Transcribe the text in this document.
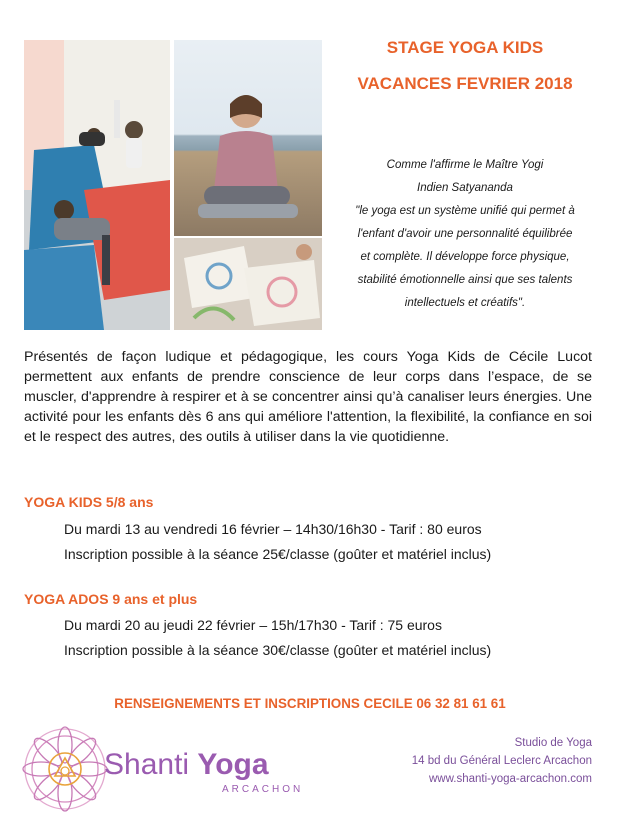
STAGE YOGA KIDS
VACANCES FEVRIER 2018
Comme l'affirme le Maître Yogi
Indien Satyananda
"le yoga est un système unifié qui permet à
l'enfant d'avoir une personnalité équilibrée
et complète. Il développe force physique,
stabilité émotionnelle ainsi que ses talents
intellectuels et créatifs".

Présentés de façon ludique et pédagogique, les cours Yoga Kids de Cécile Lucot permettent aux enfants de prendre conscience de leur corps dans l’espace, de se muscler, d'apprendre à respirer et à se concentrer ainsi qu’à canaliser leurs énergies. Une activité pour les enfants dès 6 ans qui améliore l'attention, la flexibilité, la confiance en soi et le respect des autres, des outils à utiliser dans la vie quotidienne.

YOGA KIDS 5/8 ans
Du mardi 13 au vendredi 16 février – 14h30/16h30 - Tarif : 80 euros
Inscription possible à la séance 25€/classe (goûter et matériel inclus)
YOGA ADOS 9 ans et plus
Du mardi 20 au jeudi 22 février – 15h/17h30 - Tarif : 75 euros
Inscription possible à la séance 30€/classe (goûter et matériel inclus)
RENSEIGNEMENTS ET INSCRIPTIONS CECILE 06 32 81 61 61
Shanti Yoga
ARCACHON
Studio de Yoga
14 bd du Général Leclerc Arcachon
www.shanti-yoga-arcachon.com
